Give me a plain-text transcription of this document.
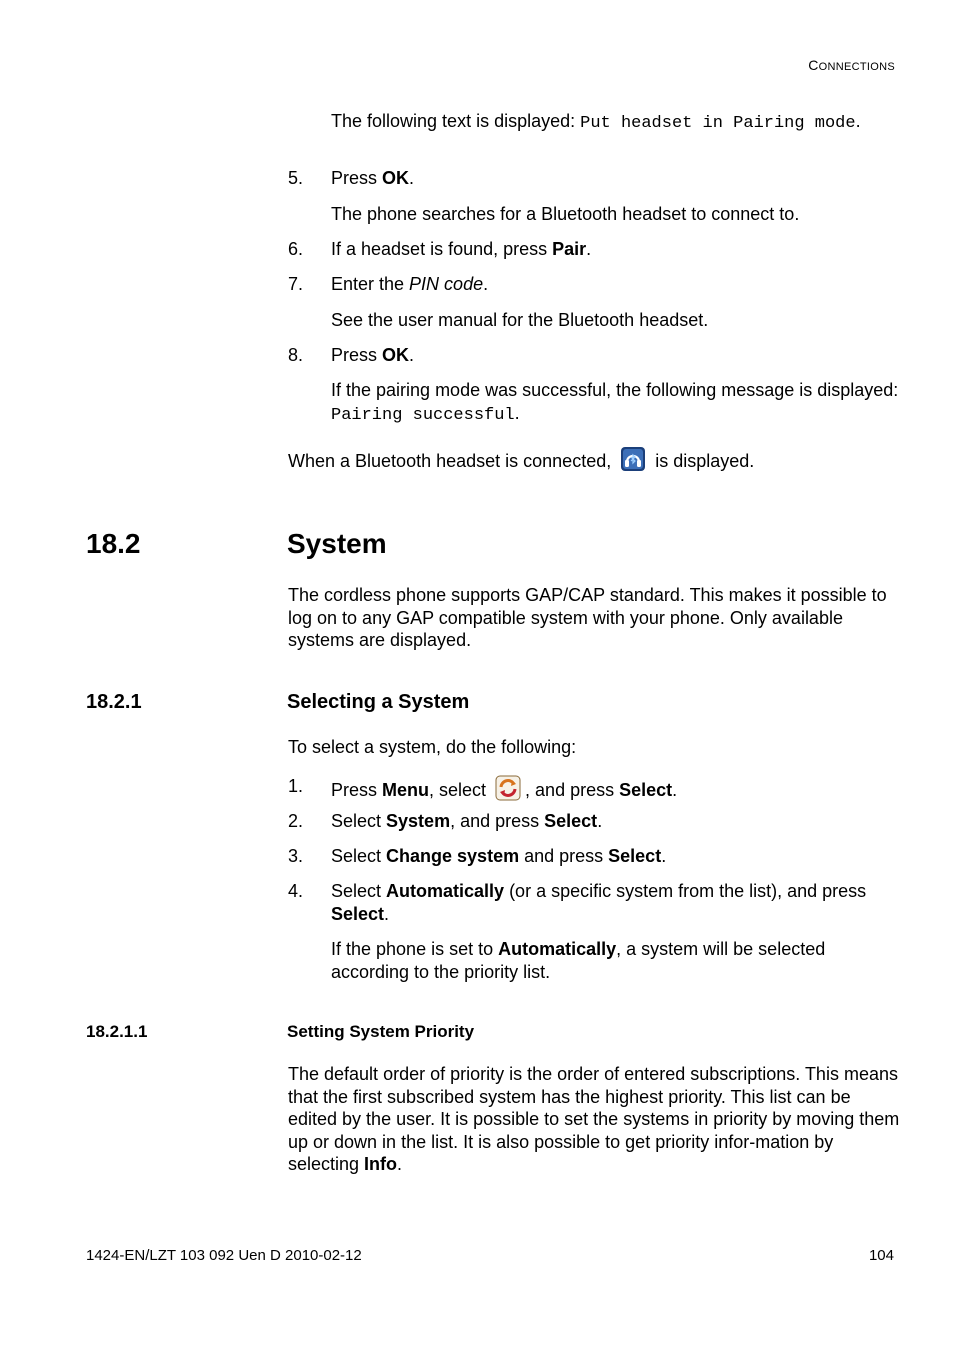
CONNECTIONS
The following text is displayed: Put headset in Pairing mode.
5. Press OK.
The phone searches for a Bluetooth headset to connect to.
6. If a headset is found, press Pair.
7. Enter the PIN code.
See the user manual for the Bluetooth headset.
8. Press OK.
If the pairing mode was successful, the following message is displayed: Pairing successful.
When a Bluetooth headset is connected,  is displayed.
18.2	System
The cordless phone supports GAP/CAP standard. This makes it possible to log on to any GAP compatible system with your phone. Only available systems are displayed.
18.2.1	Selecting a System
To select a system, do the following:
1. Press Menu, select , and press Select.
2. Select System, and press Select.
3. Select Change system and press Select.
4. Select Automatically (or a specific system from the list), and press Select.
If the phone is set to Automatically, a system will be selected according to the priority list.
18.2.1.1	Setting System Priority
The default order of priority is the order of entered subscriptions. This means that the first subscribed system has the highest priority. This list can be edited by the user. It is possible to set the systems in priority by moving them up or down in the list. It is also possible to get priority infor-mation by selecting Info.
1424-EN/LZT 103 092 Uen D 2010-02-12	104
